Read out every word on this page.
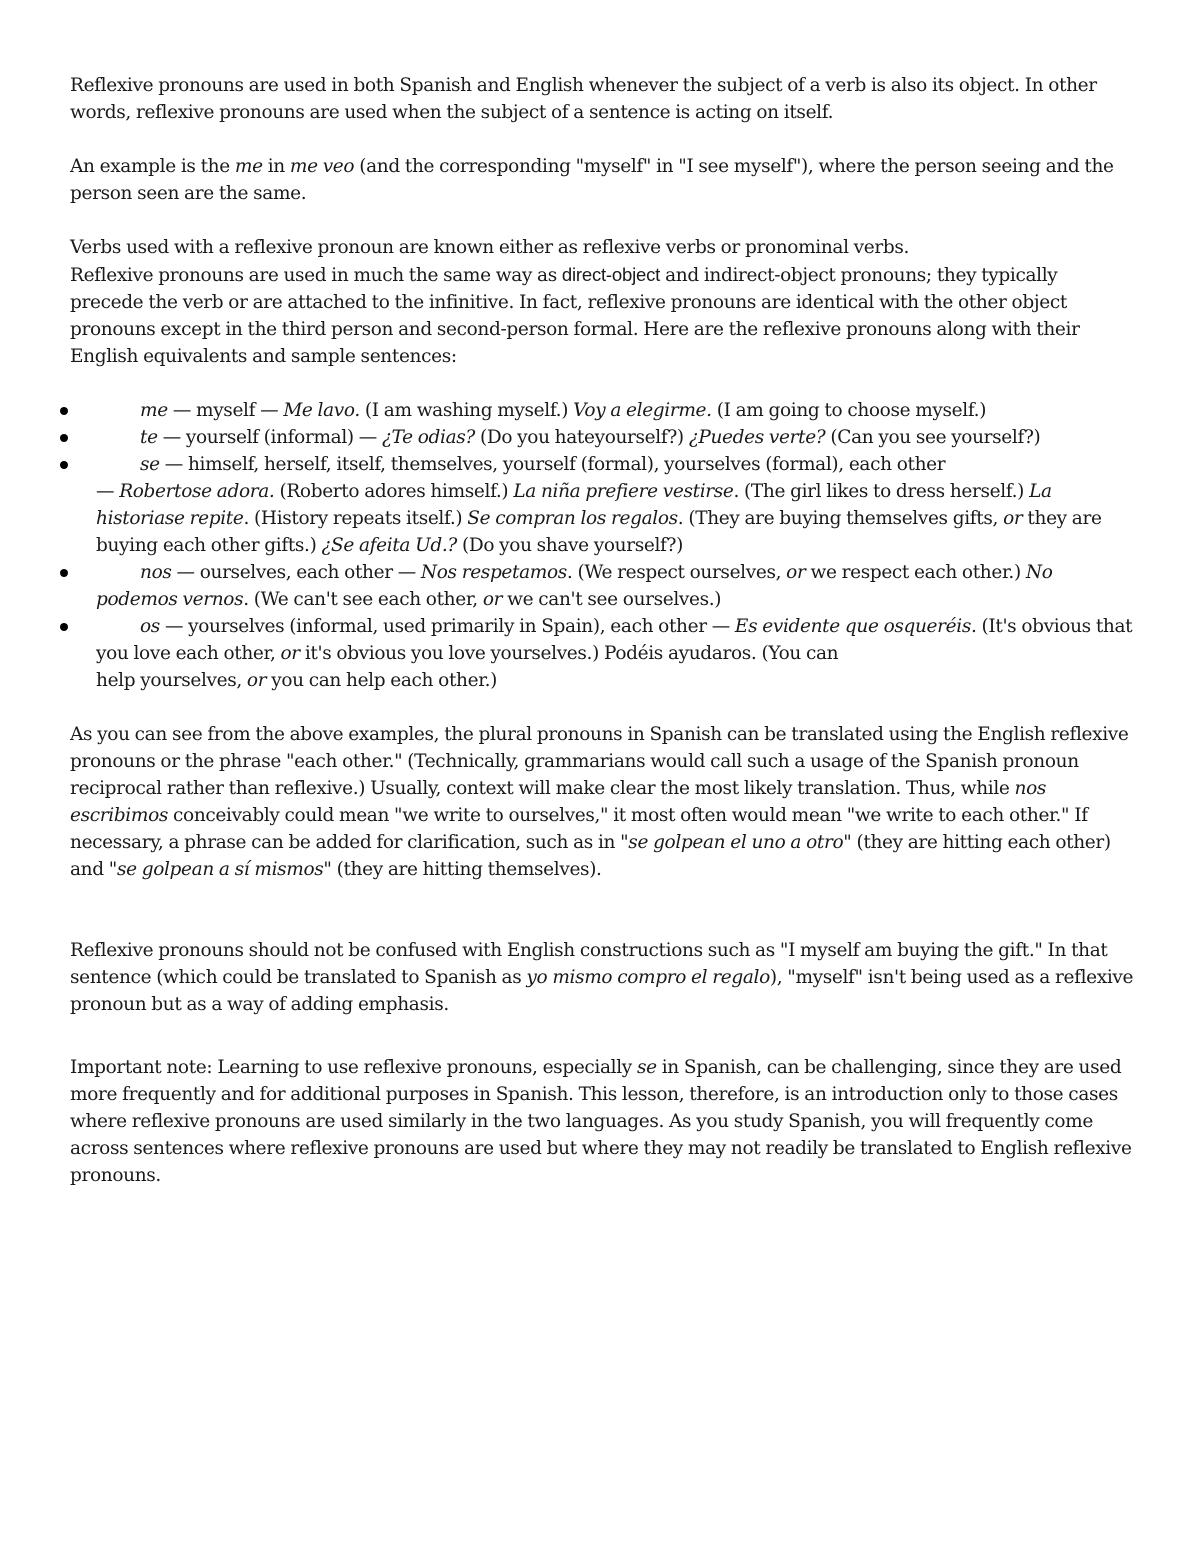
Reflexive pronouns are used in both Spanish and English whenever the subject of a verb is also its object. In other words, reflexive pronouns are used when the subject of a sentence is acting on itself.

An example is the me in me veo (and the corresponding "myself" in "I see myself"), where the person seeing and the person seen are the same.

Verbs used with a reflexive pronoun are known either as reflexive verbs or pronominal verbs.
Reflexive pronouns are used in much the same way as direct-object and indirect-object pronouns; they typically precede the verb or are attached to the infinitive. In fact, reflexive pronouns are identical with the other object pronouns except in the third person and second-person formal. Here are the reflexive pronouns along with their English equivalents and sample sentences:

me — myself — Me lavo. (I am washing myself.) Voy a elegirme. (I am going to choose myself.)
te — yourself (informal) — ¿Te odias? (Do you hateyourself?) ¿Puedes verte? (Can you see yourself?)
se — himself, herself, itself, themselves, yourself (formal), yourselves (formal), each other
— Robertose adora. (Roberto adores himself.) La niña prefiere vestirse. (The girl likes to dress herself.) La historiase repite. (History repeats itself.) Se compran los regalos. (They are buying themselves gifts, or they are buying each other gifts.) ¿Se afeita Ud.? (Do you shave yourself?)
nos — ourselves, each other — Nos respetamos. (We respect ourselves, or we respect each other.) No podemos vernos. (We can't see each other, or we can't see ourselves.)
os — yourselves (informal, used primarily in Spain), each other — Es evidente que osqueréis. (It's obvious that you love each other, or it's obvious you love yourselves.) Podéis ayudaros. (You can
help yourselves, or you can help each other.)

As you can see from the above examples, the plural pronouns in Spanish can be translated using the English reflexive pronouns or the phrase "each other." (Technically, grammarians would call such a usage of the Spanish pronoun reciprocal rather than reflexive.) Usually, context will make clear the most likely translation. Thus, while nos escribimos conceivably could mean "we write to ourselves," it most often would mean "we write to each other." If necessary, a phrase can be added for clarification, such as in "se golpean el uno a otro" (they are hitting each other) and "se golpean a sí mismos" (they are hitting themselves).

Reflexive pronouns should not be confused with English constructions such as "I myself am buying the gift." In that sentence (which could be translated to Spanish as yo mismo compro el regalo), "myself" isn't being used as a reflexive pronoun but as a way of adding emphasis.

Important note: Learning to use reflexive pronouns, especially se in Spanish, can be challenging, since they are used more frequently and for additional purposes in Spanish. This lesson, therefore, is an introduction only to those cases where reflexive pronouns are used similarly in the two languages. As you study Spanish, you will frequently come across sentences where reflexive pronouns are used but where they may not readily be translated to English reflexive pronouns.
